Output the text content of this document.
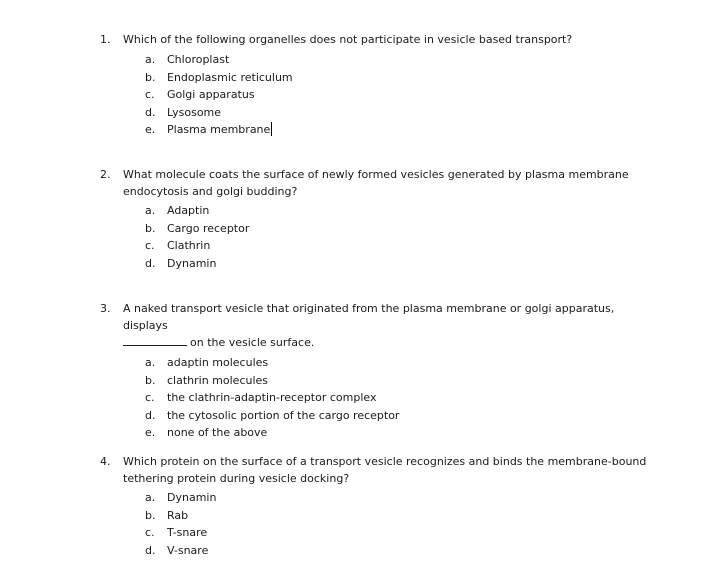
1.	Which of the following organelles does not participate in vesicle based transport?
a.	Chloroplast
b.	Endoplasmic reticulum
c.	Golgi apparatus
d.	Lysosome
e.	Plasma membrane
2.	What molecule coats the surface of newly formed vesicles generated by plasma membrane
endocytosis and golgi budding?
a.	Adaptin
b.	Cargo receptor
c.	Clathrin
d.	Dynamin
3.	A naked transport vesicle that originated from the plasma membrane or golgi apparatus, displays
on the vesicle surface.
a.	adaptin molecules
b.	clathrin molecules
c.	the clathrin-adaptin-receptor complex
d.	the cytosolic portion of the cargo receptor
e.	none of the above
4.	Which protein on the surface of a transport vesicle recognizes and binds the membrane-bound
tethering protein during vesicle docking?
a.	Dynamin
b.	Rab
c.	T-snare
d.	V-snare
